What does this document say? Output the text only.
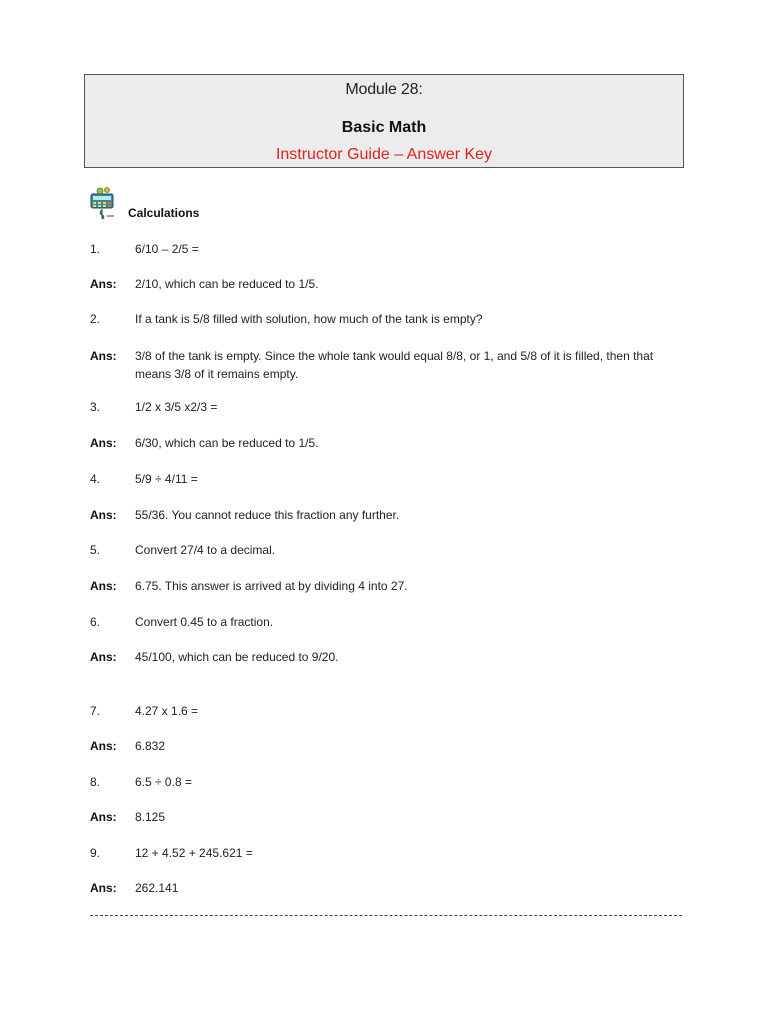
Module 28:
Basic Math
Instructor Guide – Answer Key
Calculations
1.	6/10 – 2/5 =
Ans: 2/10, which can be reduced to 1/5.
2.	If a tank is 5/8 filled with solution, how much of the tank is empty?
Ans: 3/8 of the tank is empty. Since the whole tank would equal 8/8, or 1, and 5/8 of it is filled, then that means 3/8 of it remains empty.
3.	1/2 x 3/5 x2/3 =
Ans: 6/30, which can be reduced to 1/5.
4.	5/9 ÷ 4/11 =
Ans: 55/36. You cannot reduce this fraction any further.
5.	Convert 27/4 to a decimal.
Ans: 6.75. This answer is arrived at by dividing 4 into 27.
6.	Convert 0.45 to a fraction.
Ans: 45/100, which can be reduced to 9/20.
7.	4.27 x 1.6 =
Ans: 6.832
8.	6.5 ÷ 0.8 =
Ans: 8.125
9.	12 + 4.52 + 245.621 =
Ans: 262.141
